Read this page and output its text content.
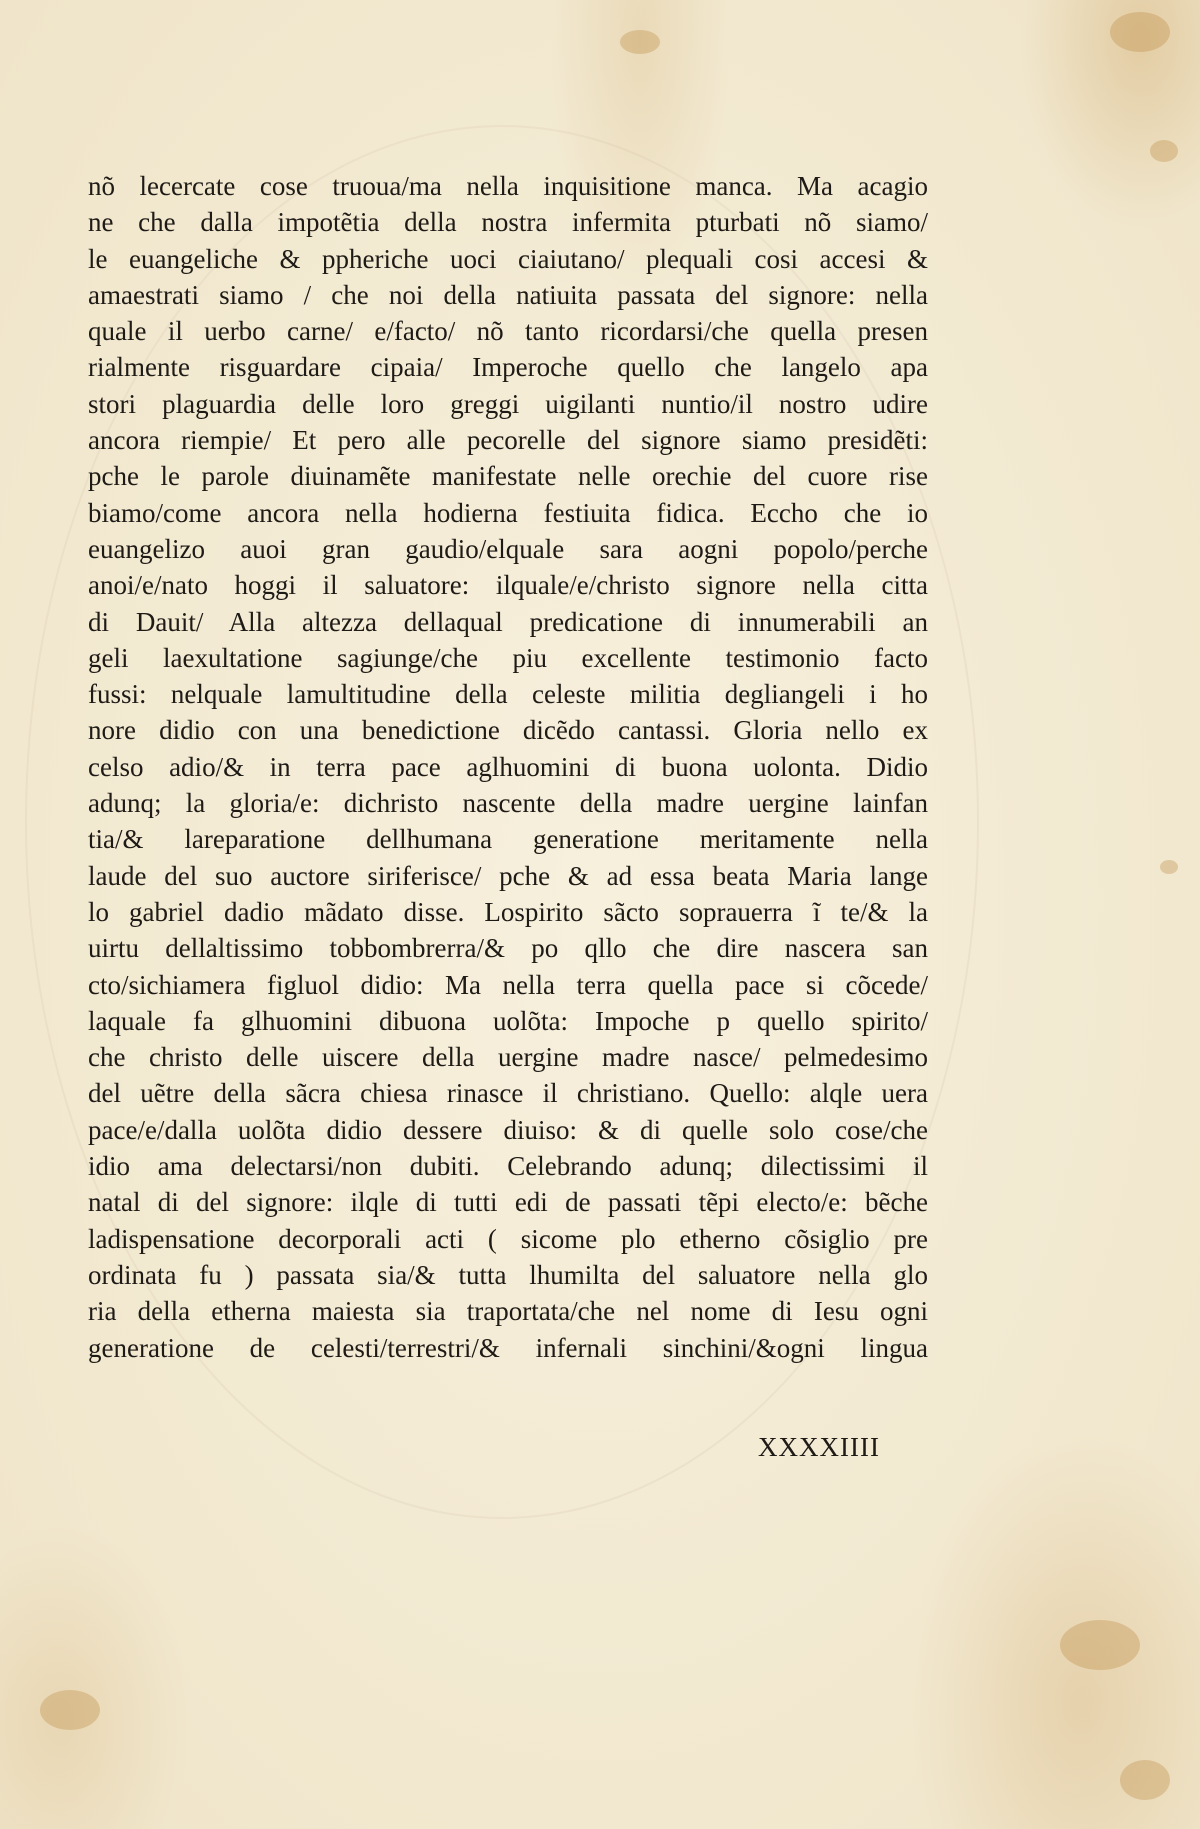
nõ lecercate cose truoua/ma nella inquisitione manca. Ma acagio
ne che dalla impotẽtia della nostra infermita pturbati nõ siamo/
le euangeliche & ppheriche uoci ciaiutano/ plequali cosi accesi &
amaestrati siamo / che noi della natiuita passata del signore: nella
quale il uerbo carne/ e/facto/ nõ tanto ricordarsi/che quella presen
rialmente risguardare cipaia/ Imperoche quello che langelo apa
stori plaguardia delle loro greggi uigilanti nuntio/il nostro udire
ancora riempie/ Et pero alle pecorelle del signore siamo presidẽti:
pche le parole diuinamẽte manifestate nelle orechie del cuore rise
biamo/come ancora nella hodierna festiuita fidica. Eccho che io
euangelizo auoi gran gaudio/elquale sara aogni popolo/perche
anoi/e/nato hoggi il saluatore: ilquale/e/christo signore nella citta
di Dauit/ Alla altezza dellaqual predicatione di innumerabili an
geli laexultatione sagiunge/che piu excellente testimonio facto
fussi: nelquale lamultitudine della celeste militia degliangeli i ho
nore didio con una benedictione dicẽdo cantassi. Gloria nello ex
celso adio/& in terra pace aglhuomini di buona uolonta. Didio
adunq; la gloria/e: dichristo nascente della madre uergine lainfan
tia/& lareparatione dellhumana generatione meritamente nella
laude del suo auctore siriferisce/ pche & ad essa beata Maria lange
lo gabriel dadio mãdato disse. Lospirito sãcto soprauerra ĩ te/& la
uirtu dellaltissimo tobbombrerra/& po qllo che dire nascera san
cto/sichiamera figluol didio: Ma nella terra quella pace si cõcede/
laquale fa glhuomini dibuona uolõta: Impoche p quello spirito/
che christo delle uiscere della uergine madre nasce/ pelmedesimo
del uẽtre della sãcra chiesa rinasce il christiano. Quello: alqle uera
pace/e/dalla uolõta didio dessere diuiso: & di quelle solo cose/che
idio ama delectarsi/non dubiti. Celebrando adunq; dilectissimi il
natal di del signore: ilqle di tutti edi de passati tẽpi electo/e: bẽche
ladispensatione decorporali acti ( sicome plo etherno cõsiglio pre
ordinata fu ) passata sia/& tutta lhumilta del saluatore nella glo
ria della etherna maiesta sia traportata/che nel nome di Iesu ogni
generatione de celesti/terrestri/& infernali sinchini/&ogni lingua
XXXXIIII
